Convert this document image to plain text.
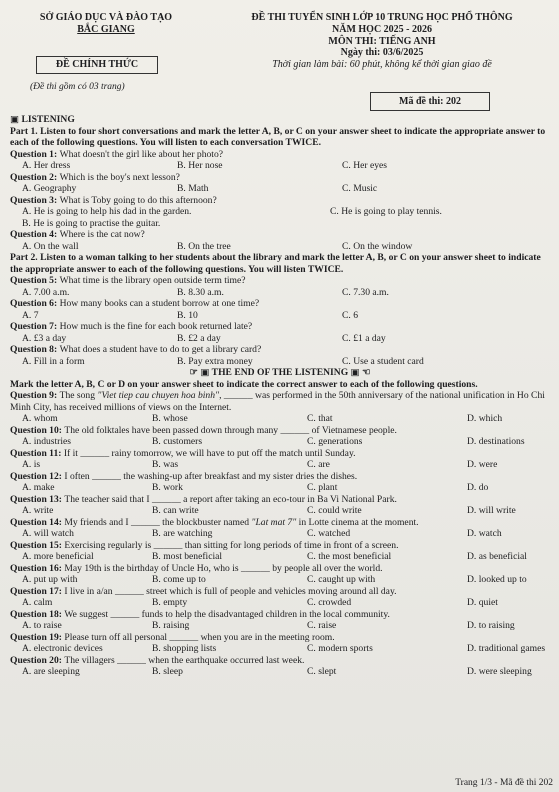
SỞ GIÁO DỤC VÀ ĐÀO TẠO
BẮC GIANG
ĐỀ THI TUYỂN SINH LỚP 10 TRUNG HỌC PHỔ THÔNG
NĂM HỌC 2025 - 2026
MÔN THI: TIẾNG ANH
Ngày thi: 03/6/2025
Thời gian làm bài: 60 phút, không kể thời gian giao đề
ĐỀ CHÍNH THỨC
(Đề thi gồm có 03 trang)
Mã đề thi: 202
▣ LISTENING
Part 1. Listen to four short conversations and mark the letter A, B, or C on your answer sheet to indicate the appropriate answer to each of the following questions. You will listen to each conversation TWICE.
Question 1: What doesn't the girl like about her photo?
A. Her dress	B. Her nose	C. Her eyes
Question 2: Which is the boy's next lesson?
A. Geography	B. Math	C. Music
Question 3: What is Toby going to do this afternoon?
A. He is going to help his dad in the garden.	C. He is going to play tennis.
B. He is going to practise the guitar.
Question 4: Where is the cat now?
A. On the wall	B. On the tree	C. On the window
Part 2. Listen to a woman talking to her students about the library and mark the letter A, B, or C on your answer sheet to indicate the appropriate answer to each of the following questions. You will listen TWICE.
Question 5: What time is the library open outside term time?
A. 7.00 a.m.	B. 8.30 a.m.	C. 7.30 a.m.
Question 6: How many books can a student borrow at one time?
A. 7	B. 10	C. 6
Question 7: How much is the fine for each book returned late?
A. £3 a day	B. £2 a day	C. £1 a day
Question 8: What does a student have to do to get a library card?
A. Fill in a form	B. Pay extra money	C. Use a student card
☞ ▣ THE END OF THE LISTENING ▣ ☜
Mark the letter A, B, C or D on your answer sheet to indicate the correct answer to each of the following questions.
Question 9: The song "Viet tiep cau chuyen hoa binh", ______ was performed in the 50th anniversary of the national unification in Ho Chi Minh City, has received millions of views on the Internet.
A. whom	B. whose	C. that	D. which
Question 10: The old folktales have been passed down through many ______ of Vietnamese people.
A. industries	B. customers	C. generations	D. destinations
Question 11: If it ______ rainy tomorrow, we will have to put off the match until Sunday.
A. is	B. was	C. are	D. were
Question 12: I often ______ the washing-up after breakfast and my sister dries the dishes.
A. make	B. work	C. plant	D. do
Question 13: The teacher said that I ______ a report after taking an eco-tour in Ba Vi National Park.
A. write	B. can write	C. could write	D. will write
Question 14: My friends and I ______ the blockbuster named "Lat mat 7" in Lotte cinema at the moment.
A. will watch	B. are watching	C. watched	D. watch
Question 15: Exercising regularly is ______ than sitting for long periods of time in front of a screen.
A. more beneficial	B. most beneficial	C. the most beneficial	D. as beneficial
Question 16: May 19th is the birthday of Uncle Ho, who is ______ by people all over the world.
A. put up with	B. come up to	C. caught up with	D. looked up to
Question 17: I live in a/an ______ street which is full of people and vehicles moving around all day.
A. calm	B. empty	C. crowded	D. quiet
Question 18: We suggest ______ funds to help the disadvantaged children in the local community.
A. to raise	B. raising	C. raise	D. to raising
Question 19: Please turn off all personal ______ when you are in the meeting room.
A. electronic devices	B. shopping lists	C. modern sports	D. traditional games
Question 20: The villagers ______ when the earthquake occurred last week.
A. are sleeping	B. sleep	C. slept	D. were sleeping
Trang 1/3 - Mã đề thi 202
